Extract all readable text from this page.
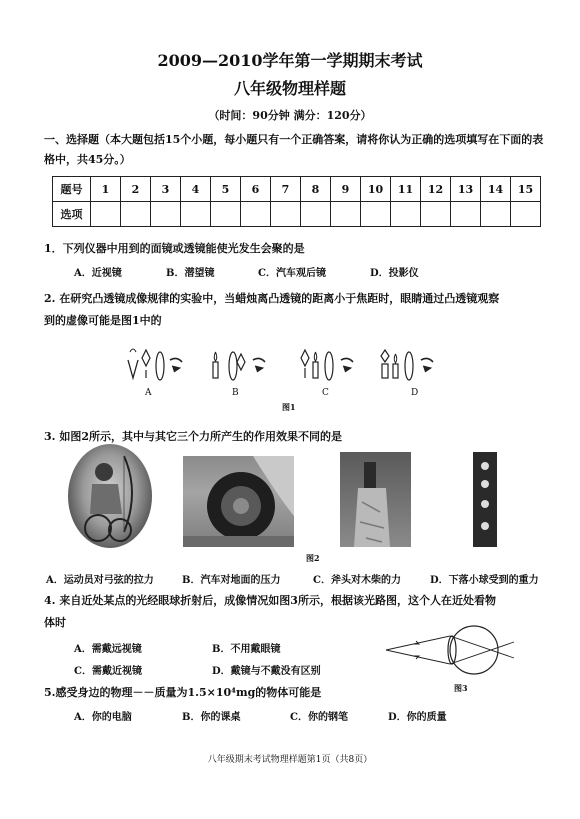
2009—2010学年第一学期期末考试
八年级物理样题
（时间：90分钟 满分：120分）
一、选择题（本大题包括15个小题，每小题只有一个正确答案，请将你认为正确的选项填写在下面的表格中，共45分。）
题号	1	2	3	4	5	6	7	8	9	10	11	12	13	14	15
选项															
1．下列仪器中用到的面镜或透镜能使光发生会聚的是
A．近视镜	B．潜望镜	C．汽车观后镜	D．投影仪
2. 在研究凸透镜成像规律的实验中，当蜡烛离凸透镜的距离小于焦距时，眼睛通过凸透镜观察
到的虚像可能是图1中的
A	B	C	D
图1
3. 如图2所示，其中与其它三个力所产生的作用效果不同的是
图2
A．运动员对弓弦的拉力	B．汽车对地面的压力	C．斧头对木柴的力	D．下落小球受到的重力
4. 来自近处某点的光经眼球折射后，成像情况如图3所示，根据该光路图，这个人在近处看物
体时
A．需戴远视镜	B．不用戴眼镜
C．需戴近视镜	D．戴镜与不戴没有区别
图3
5.感受身边的物理－－质量为1.5×10⁴mg的物体可能是
A．你的电脑	B．你的课桌	C．你的钢笔	D．你的质量
八年级期末考试物理样题第1页（共8页）
